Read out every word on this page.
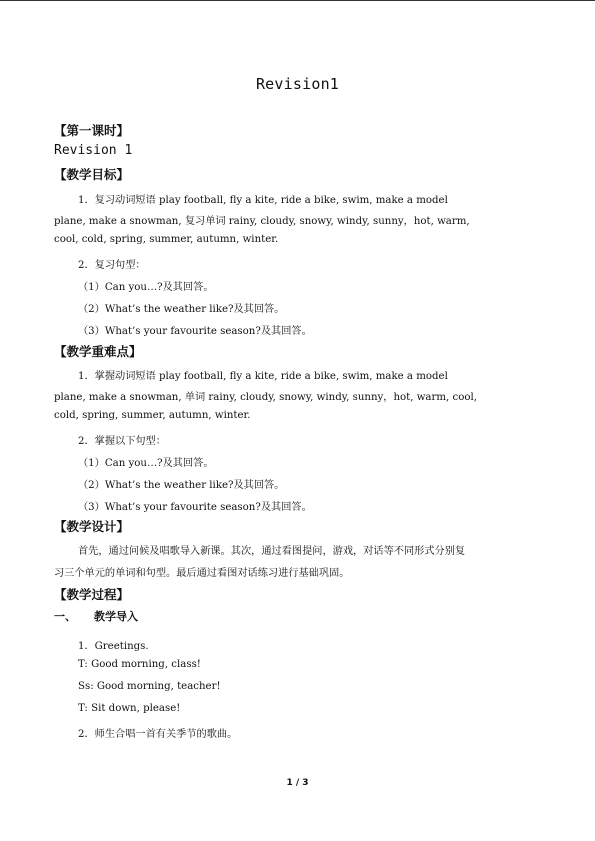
Revision1
【第一课时】
Revision 1
【教学目标】
1．复习动词短语 play football, fly a kite, ride a bike, swim, make a model
plane, make a snowman, 复习单词 rainy, cloudy, snowy, windy, sunny，hot, warm,
cool, cold, spring, summer, autumn, winter.
2．复习句型：
（1）Can you…?及其回答。
（2）What’s the weather like?及其回答。
（3）What’s your favourite season?及其回答。
【教学重难点】
1．掌握动词短语 play football, fly a kite, ride a bike, swim, make a model
plane, make a snowman, 单词 rainy, cloudy, snowy, windy, sunny，hot, warm, cool,
cold, spring, summer, autumn, winter.
2．掌握以下句型：
（1）Can you…?及其回答。
（2）What’s the weather like?及其回答。
（3）What’s your favourite season?及其回答。
【教学设计】
首先，通过问候及唱歌导入新课。其次，通过看图提问，游戏，对话等不同形式分别复
习三个单元的单词和句型。最后通过看图对话练习进行基础巩固。
【教学过程】
一、 教学导入
1．Greetings.
T: Good morning, class!
Ss: Good morning, teacher!
T: Sit down, please!
2．师生合唱一首有关季节的歌曲。
1 / 3
